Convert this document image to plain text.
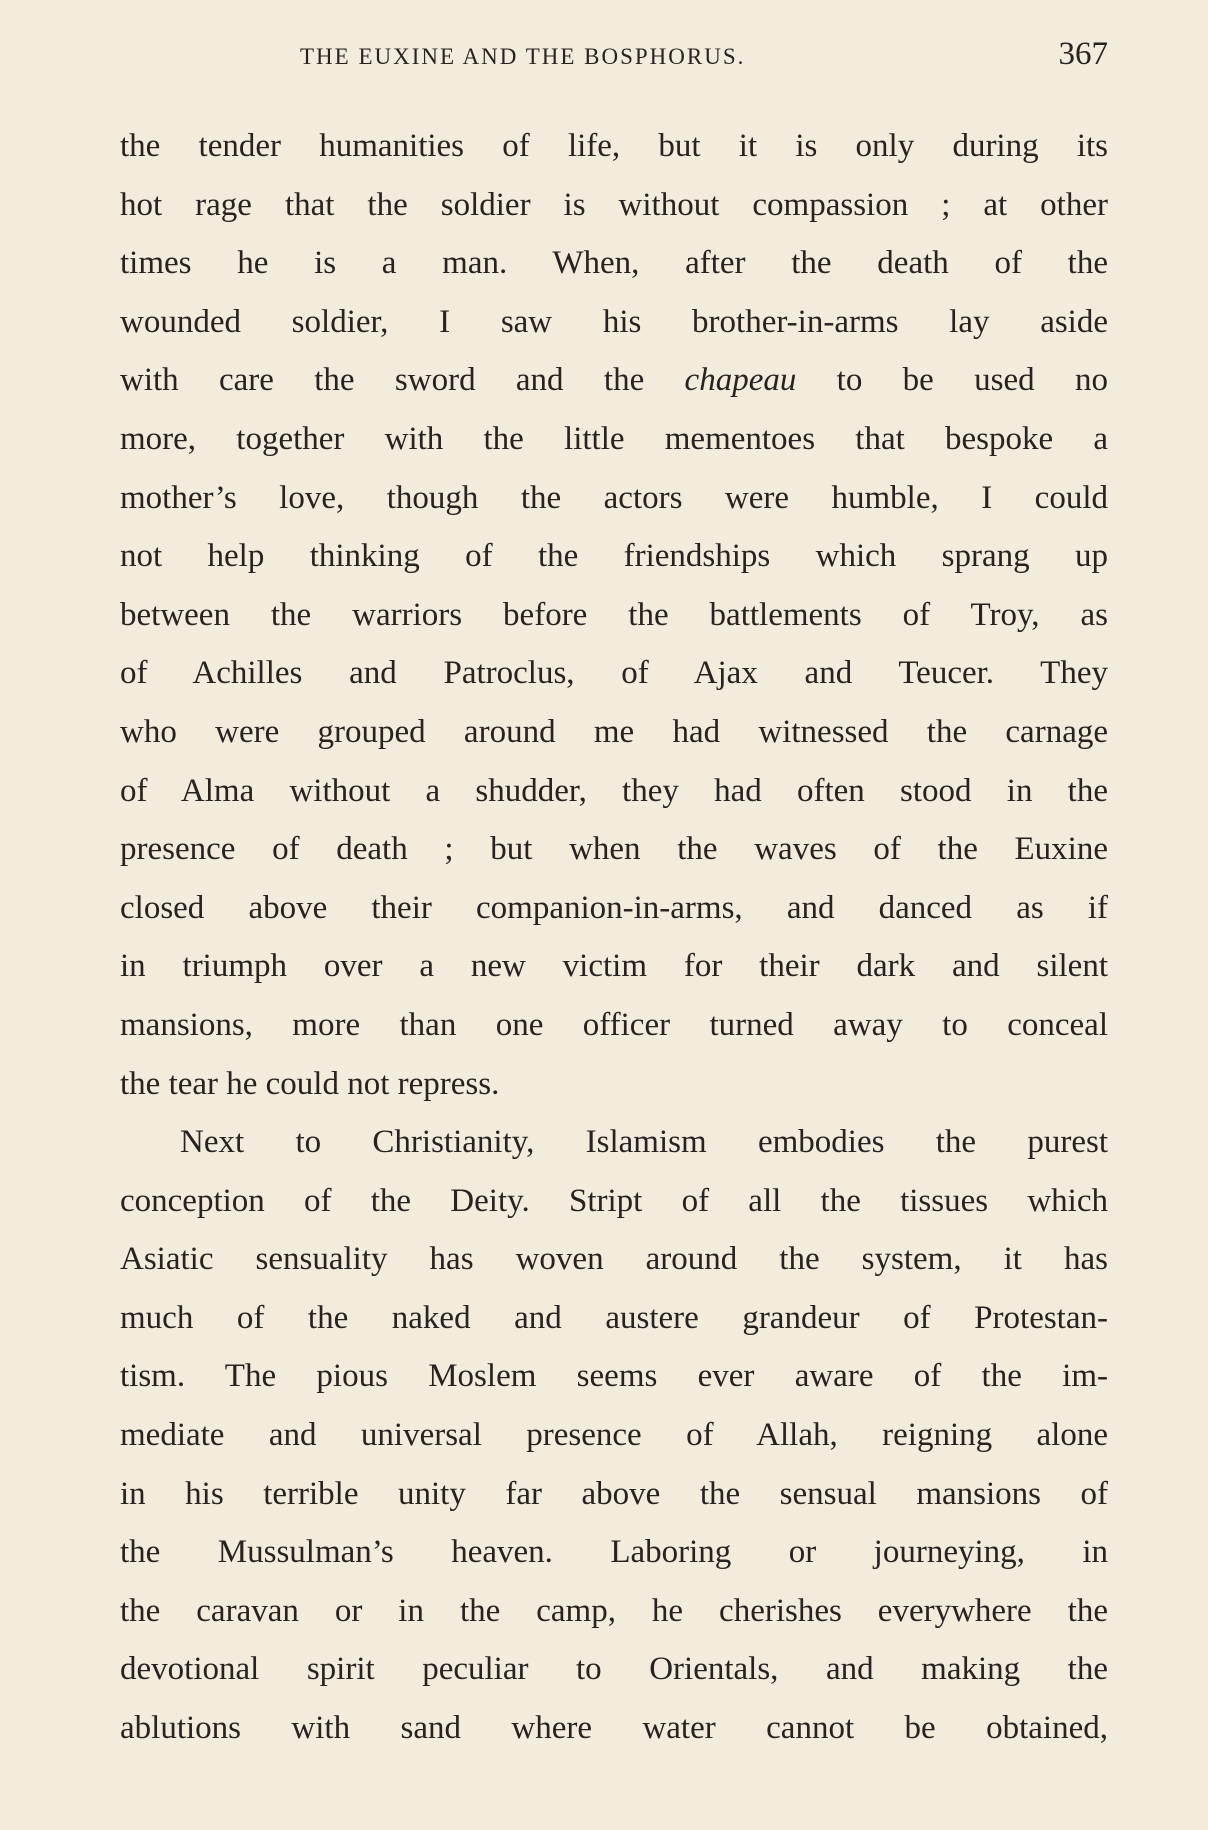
THE EUXINE AND THE BOSPHORUS.	367
the tender humanities of life, but it is only during its
hot rage that the soldier is without compassion ; at other
times he is a man. When, after the death of the
wounded soldier, I saw his brother-in-arms lay aside
with care the sword and the chapeau to be used no
more, together with the little mementoes that bespoke a
mother’s love, though the actors were humble, I could
not help thinking of the friendships which sprang up
between the warriors before the battlements of Troy, as
of Achilles and Patroclus, of Ajax and Teucer. They
who were grouped around me had witnessed the carnage
of Alma without a shudder, they had often stood in the
presence of death ; but when the waves of the Euxine
closed above their companion-in-arms, and danced as if
in triumph over a new victim for their dark and silent
mansions, more than one officer turned away to conceal
the tear he could not repress.
Next to Christianity, Islamism embodies the purest
conception of the Deity. Stript of all the tissues which
Asiatic sensuality has woven around the system, it has
much of the naked and austere grandeur of Protestan-
tism. The pious Moslem seems ever aware of the im-
mediate and universal presence of Allah, reigning alone
in his terrible unity far above the sensual mansions of
the Mussulman’s heaven. Laboring or journeying, in
the caravan or in the camp, he cherishes everywhere the
devotional spirit peculiar to Orientals, and making the
ablutions with sand where water cannot be obtained,
